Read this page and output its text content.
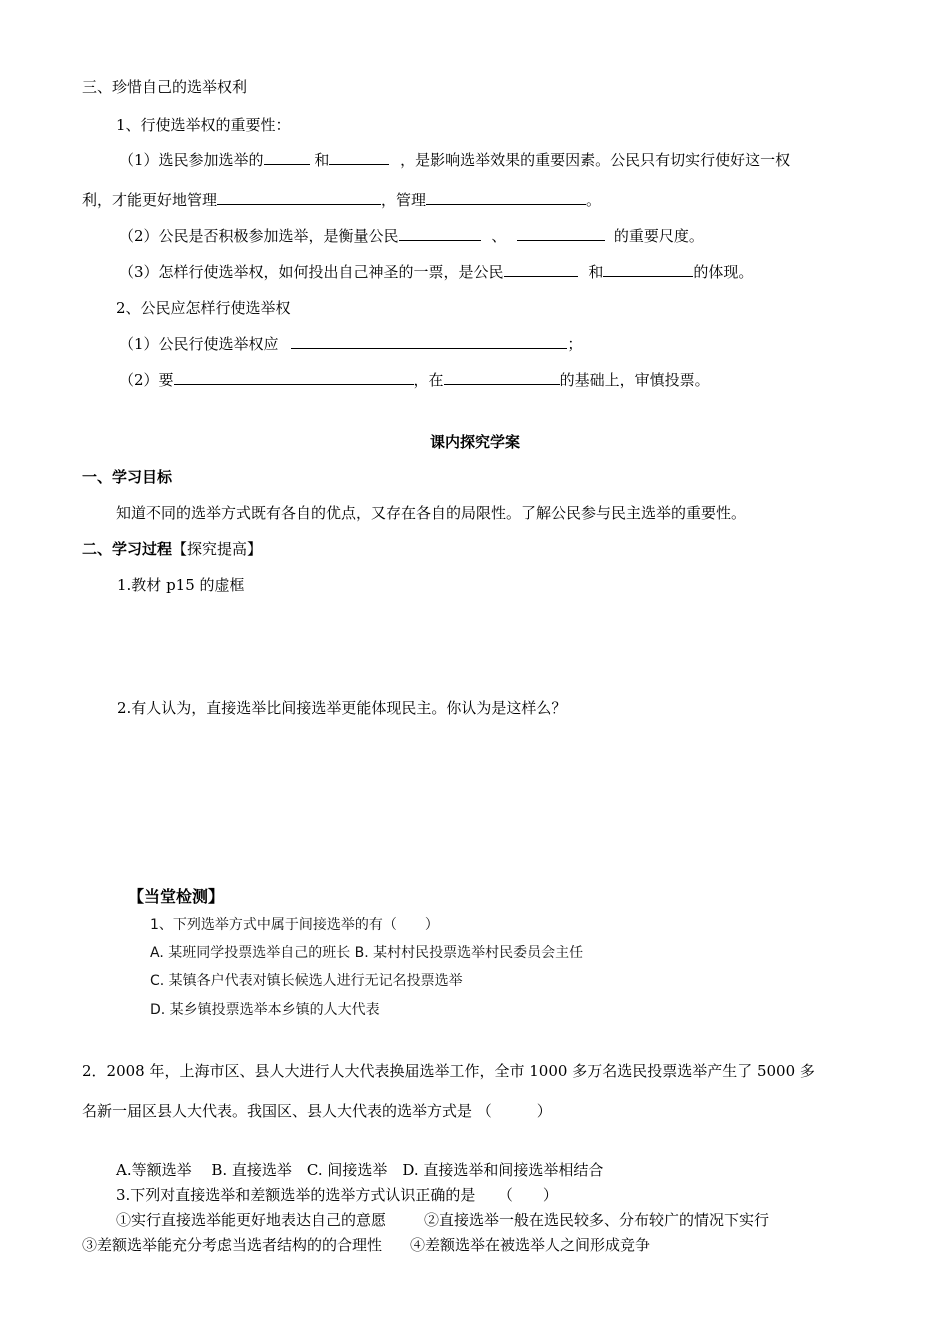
三、珍惜自己的选举权利
1、行使选举权的重要性：
（1）选民参加选举的	和	，是影响选举效果的重要因素。公民只有切实行使好这一权
利，才能更好地管理	，管理	。
（2）公民是否积极参加选举，是衡量公民	、	的重要尺度。
（3）怎样行使选举权，如何投出自己神圣的一票，是公民	和	的体现。
2、公民应怎样行使选举权
（1）公民行使选举权应	；
（2）要	，在	的基础上，审慎投票。
课内探究学案
一、学习目标
知道不同的选举方式既有各自的优点，又存在各自的局限性。了解公民参与民主选举的重要性。
二、学习过程【探究提高】
1.教材 p15 的虚框
2.有人认为，直接选举比间接选举更能体现民主。你认为是这样么？
【当堂检测】
1、下列选举方式中属于间接选举的有（　　）
A. 某班同学投票选举自己的班长 B. 某村村民投票选举村民委员会主任
C. 某镇各户代表对镇长候选人进行无记名投票选举
D. 某乡镇投票选举本乡镇的人大代表
2．2008 年，上海市区、县人大进行人大代表换届选举工作，全市 1000 多万名选民投票选举产生了 5000 多
名新一届区县人大代表。我国区、县人大代表的选举方式是 （　　　）
A.等额选举　 B. 直接选举　C. 间接选举　D. 直接选举和间接选举相结合
3.下列对直接选举和差额选举的选举方式认识正确的是　　（　　）
①实行直接选举能更好地表达自己的意愿	②直接选举一般在选民较多、分布较广的情况下实行
③差额选举能充分考虑当选者结构的的合理性 ④差额选举在被选举人之间形成竞争
